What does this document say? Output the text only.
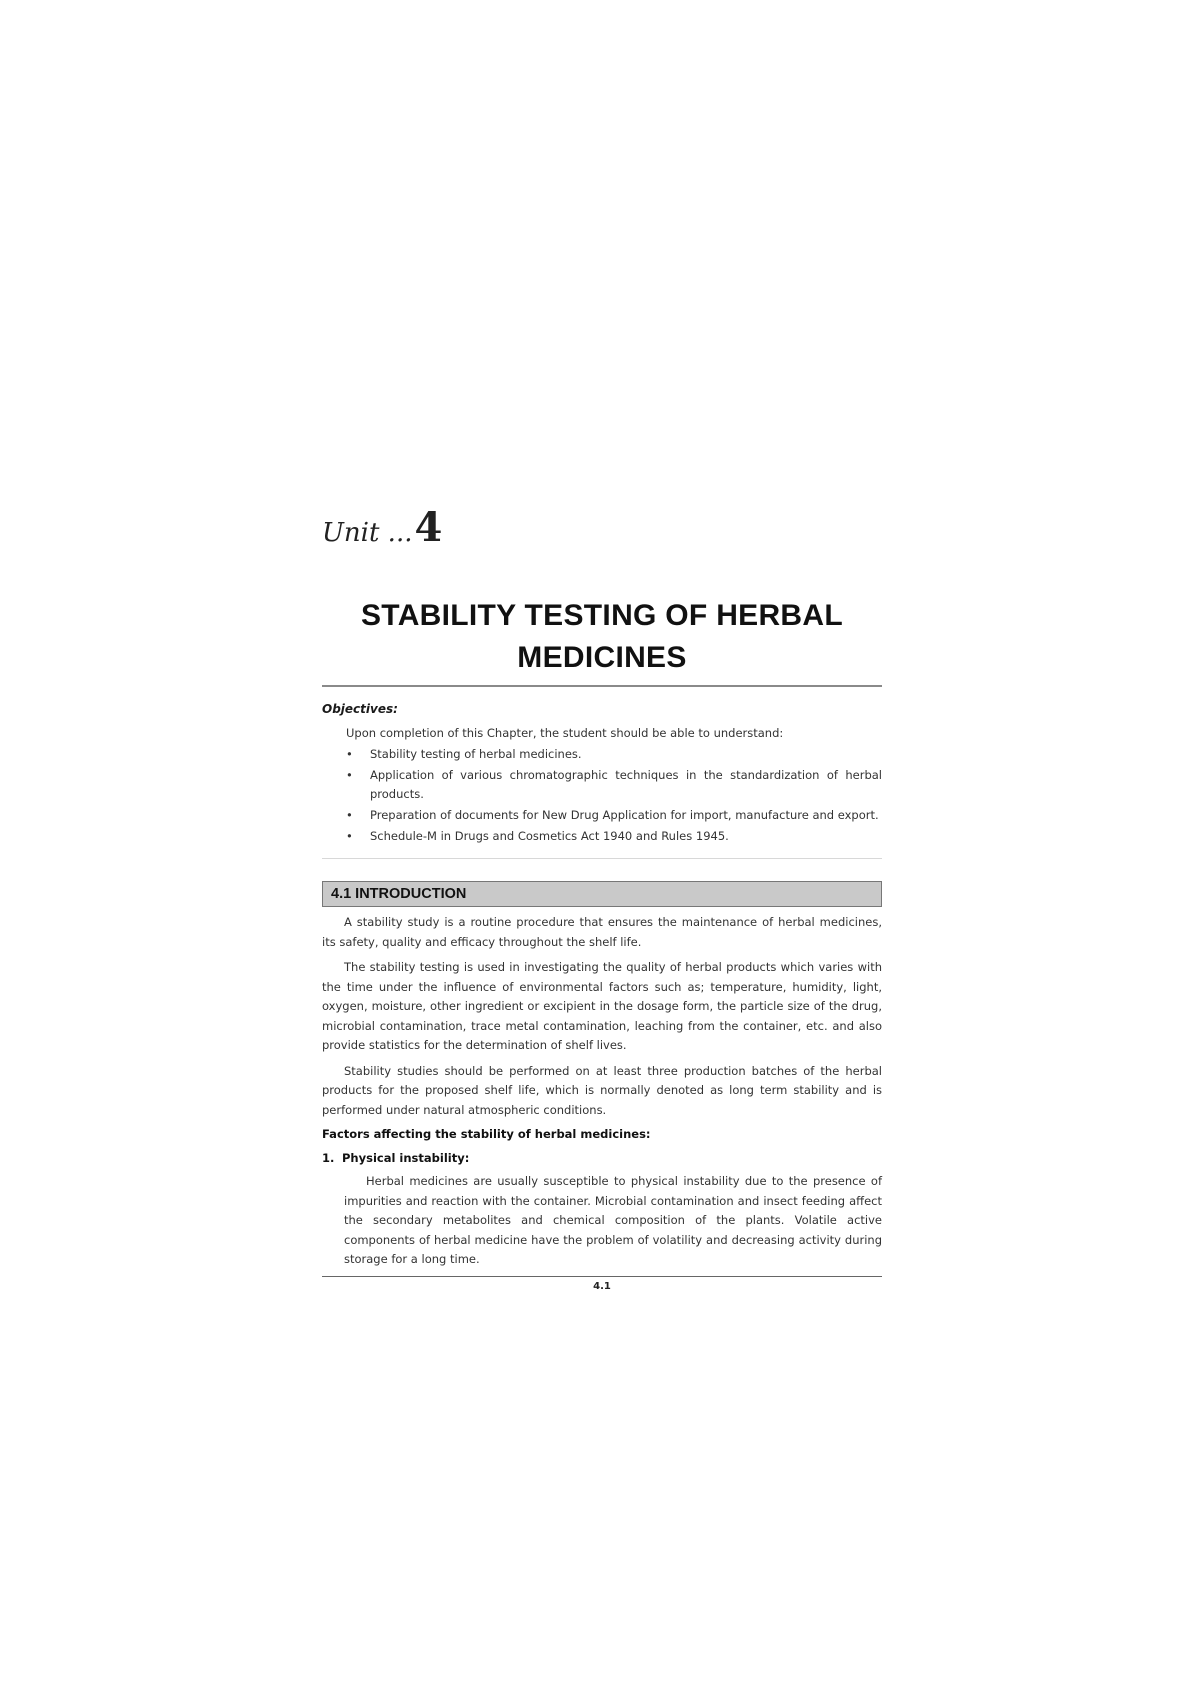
Unit ...4
STABILITY TESTING OF HERBAL
MEDICINES
Objectives:
Upon completion of this Chapter, the student should be able to understand:
• Stability testing of herbal medicines.
• Application of various chromatographic techniques in the standardization of herbal products.
• Preparation of documents for New Drug Application for import, manufacture and export.
• Schedule-M in Drugs and Cosmetics Act 1940 and Rules 1945.
4.1 INTRODUCTION

A stability study is a routine procedure that ensures the maintenance of herbal medicines, its safety, quality and efficacy throughout the shelf life.

The stability testing is used in investigating the quality of herbal products which varies with the time under the influence of environmental factors such as; temperature, humidity, light, oxygen, moisture, other ingredient or excipient in the dosage form, the particle size of the drug, microbial contamination, trace metal contamination, leaching from the container, etc. and also provide statistics for the determination of shelf lives.

Stability studies should be performed on at least three production batches of the herbal products for the proposed shelf life, which is normally denoted as long term stability and is performed under natural atmospheric conditions.

Factors affecting the stability of herbal medicines:
1. Physical instability:

Herbal medicines are usually susceptible to physical instability due to the presence of impurities and reaction with the container. Microbial contamination and insect feeding affect the secondary metabolites and chemical composition of the plants. Volatile active components of herbal medicine have the problem of volatility and decreasing activity during storage for a long time.

4.1
